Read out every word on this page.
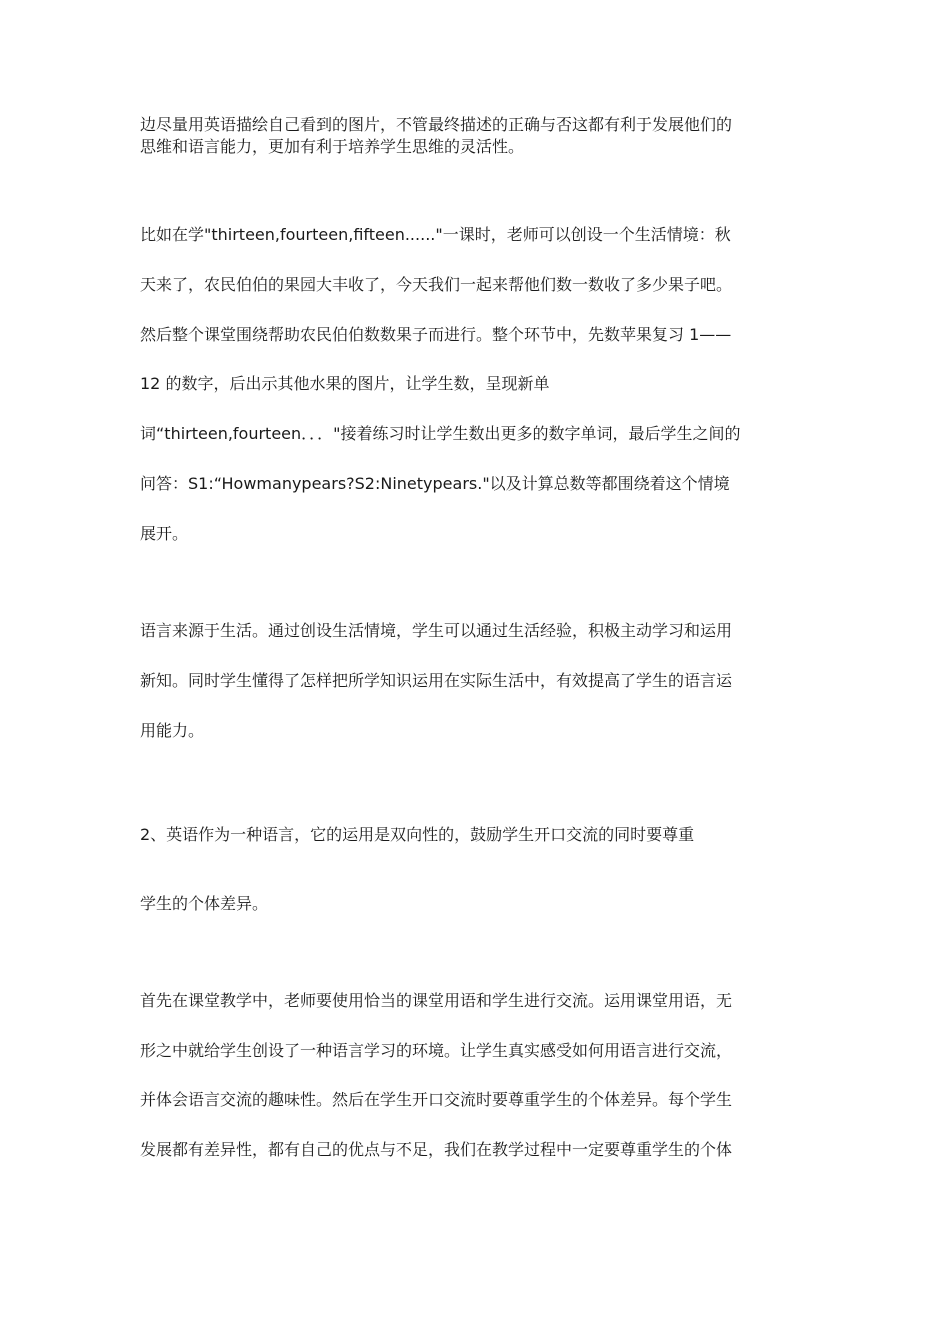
边尽量用英语描绘自己看到的图片，不管最终描述的正确与否这都有利于发展他们的
思维和语言能力，更加有利于培养学生思维的灵活性。
比如在学"thirteen,fourteen,fifteen......"一课时，老师可以创设一个生活情境：秋
天来了，农民伯伯的果园大丰收了，今天我们一起来帮他们数一数收了多少果子吧。
然后整个课堂围绕帮助农民伯伯数数果子而进行。整个环节中，先数苹果复习 1——
12 的数字，后出示其他水果的图片，让学生数，呈现新单
词“thirteen,fourteen．．．"接着练习时让学生数出更多的数字单词，最后学生之间的
问答：S1:“Howmanypears?S2:Ninetypears."以及计算总数等都围绕着这个情境
展开。
语言来源于生活。通过创设生活情境，学生可以通过生活经验，积极主动学习和运用
新知。同时学生懂得了怎样把所学知识运用在实际生活中，有效提高了学生的语言运
用能力。
2、英语作为一种语言，它的运用是双向性的，鼓励学生开口交流的同时要尊重
学生的个体差异。
首先在课堂教学中，老师要使用恰当的课堂用语和学生进行交流。运用课堂用语，无
形之中就给学生创设了一种语言学习的环境。让学生真实感受如何用语言进行交流，
并体会语言交流的趣味性。然后在学生开口交流时要尊重学生的个体差异。每个学生
发展都有差异性，都有自己的优点与不足，我们在教学过程中一定要尊重学生的个体
